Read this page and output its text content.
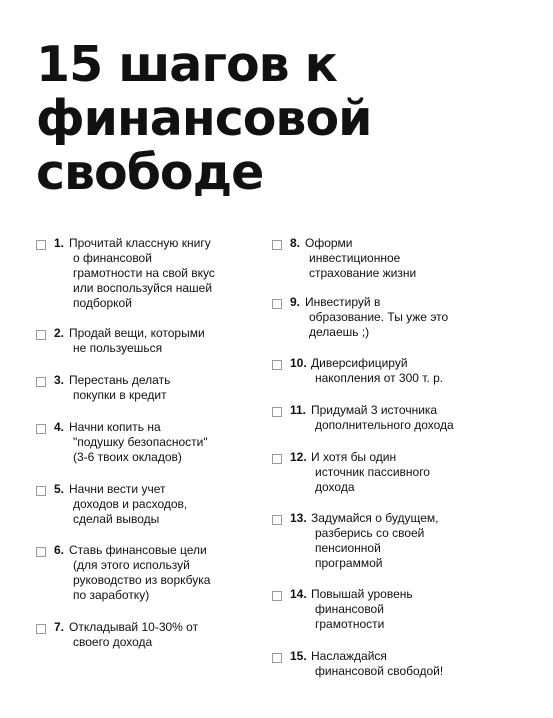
15 шагов к
финансовой
свободе
1. Прочитай классную книгу
о финансовой
грамотности на свой вкус
или воспользуйся нашей
подборкой
2. Продай вещи, которыми
не пользуешься
3. Перестань делать
покупки в кредит
4. Начни копить на
"подушку безопасности"
(3-6 твоих окладов)
5. Начни вести учет
доходов и расходов,
сделай выводы
6. Ставь финансовые цели
(для этого используй
руководство из воркбука
по заработку)
7. Откладывай 10-30% от
своего дохода
8. Оформи
инвестиционное
страхование жизни
9. Инвестируй в
образование. Ты уже это
делаешь ;)
10. Диверсифицируй
накопления от 300 т. р.
11. Придумай 3 источника
дополнительного дохода
12. И хотя бы один
источник пассивного
дохода
13. Задумайся о будущем,
разберись со своей
пенсионной
программой
14. Повышай уровень
финансовой
грамотности
15. Наслаждайся
финансовой свободой!
